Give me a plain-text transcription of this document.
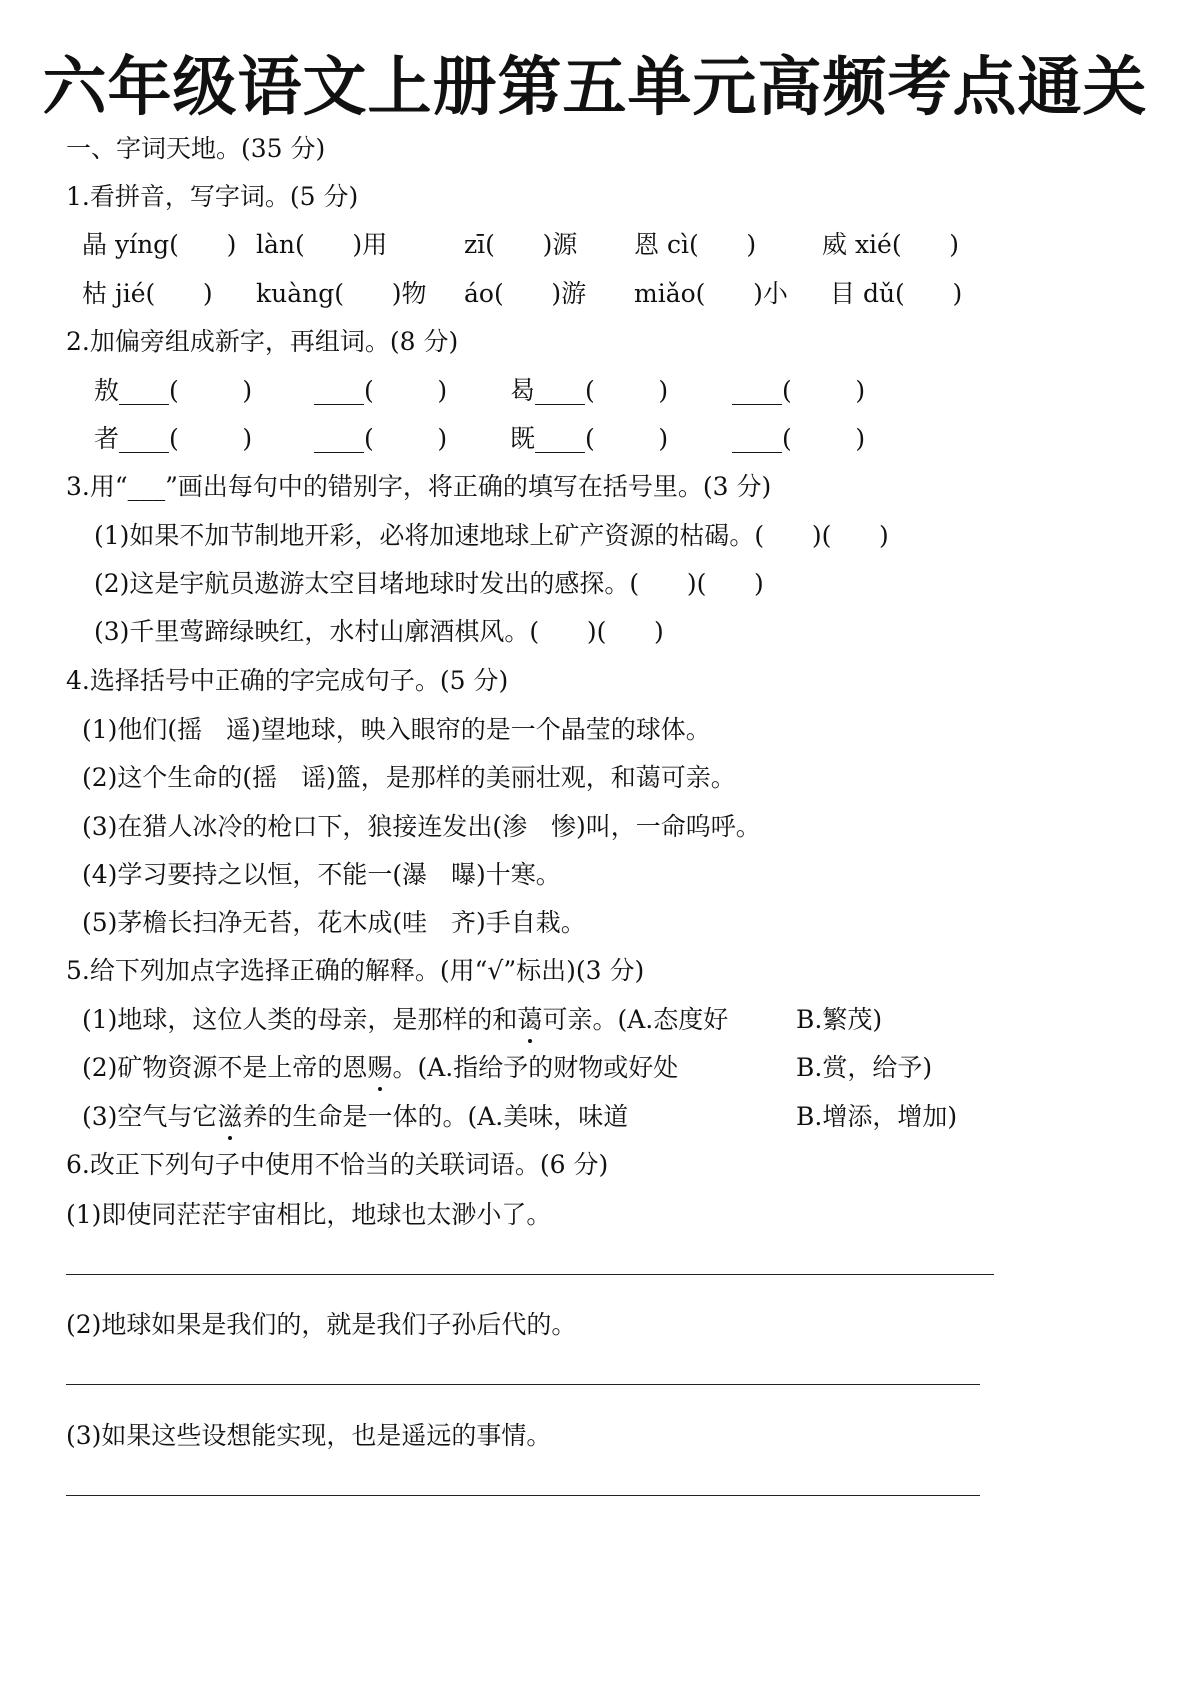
六年级语文上册第五单元高频考点通关
一、字词天地。(35 分)
1.看拼音，写字词。(5 分)
晶 yíng(      ) làn(      )用	zī(      )源 恩 cì(      )	威 xié(      )
枯 jié(      ) kuàng(      )物 áo(      )游 miǎo(      )小 目 dǔ(      )
2.加偏旁组成新字，再组词。(8 分)
敖____(        ) ____(        )	曷____(        )	____(        )
者____(        ) ____(        )	既____(        )	____(        )
3.用“___”画出每句中的错别字，将正确的填写在括号里。(3 分)
(1)如果不加节制地开彩，必将加速地球上矿产资源的枯碣。(      )(      )
(2)这是宇航员遨游太空目堵地球时发出的感探。(      )(      )
(3)千里莺蹄绿映红，水村山廓酒棋风。(      )(      )
4.选择括号中正确的字完成句子。(5 分)
(1)他们(摇   遥)望地球，映入眼帘的是一个晶莹的球体。
(2)这个生命的(摇   谣)篮，是那样的美丽壮观，和蔼可亲。
(3)在猎人冰冷的枪口下，狼接连发出(渗   惨)叫，一命呜呼。
(4)学习要持之以恒，不能一(瀑   曝)十寒。
(5)茅檐长扫净无苔，花木成(哇   齐)手自栽。
5.给下列加点字选择正确的解释。(用“√”标出)(3 分)
(1)地球，这位人类的母亲，是那样的和蔼可亲。(A.态度好	B.繁茂)
(2)矿物资源不是上帝的恩赐。(A.指给予的财物或好处	B.赏，给予)
(3)空气与它滋养的生命是一体的。(A.美味，味道	B.增添，增加)
6.改正下列句子中使用不恰当的关联词语。(6 分)
(1)即使同茫茫宇宙相比，地球也太渺小了。
(2)地球如果是我们的，就是我们子孙后代的。
(3)如果这些设想能实现，也是遥远的事情。
